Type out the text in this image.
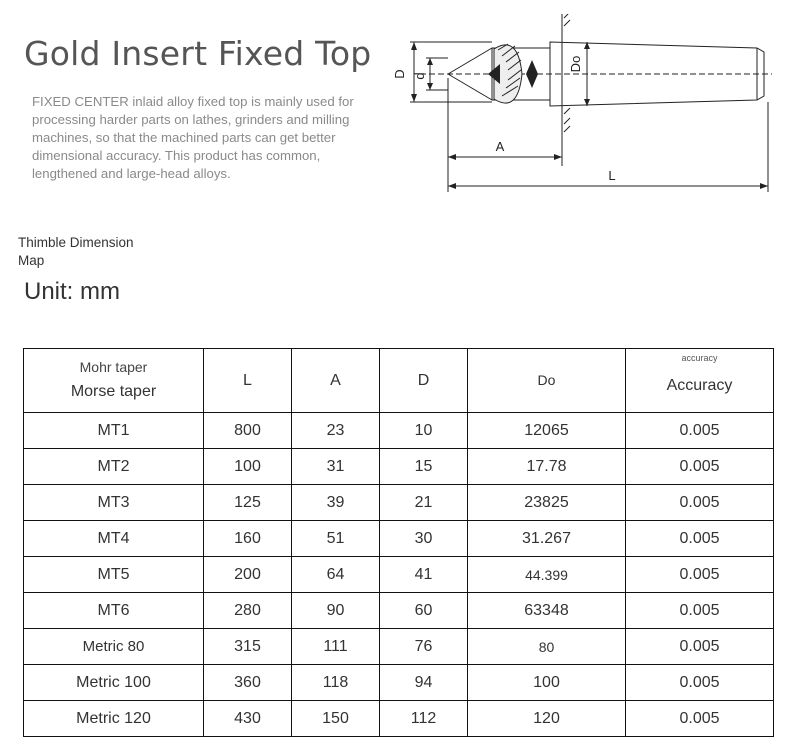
Gold Insert Fixed Top
FIXED CENTER inlaid alloy fixed top is mainly used for processing harder parts on lathes, grinders and milling machines, so that the machined parts can get better dimensional accuracy. This product has common, lengthened and large-head alloys.
D d
Do
A
L
Thimble Dimension
Map
Unit: mm
Mohr taper
Morse taper	L	A	D	Do	accuracy
Accuracy

MT1	800	23	10	12065	0.005
MT2	100	31	15	17.78	0.005
MT3	125	39	21	23825	0.005
MT4	160	51	30	31.267	0.005
MT5	200	64	41	44.399	0.005
MT6	280	90	60	63348	0.005
Metric 80	315	111	76	80	0.005
Metric 100	360	118	94	100	0.005
Metric 120	430	150	112	120	0.005
